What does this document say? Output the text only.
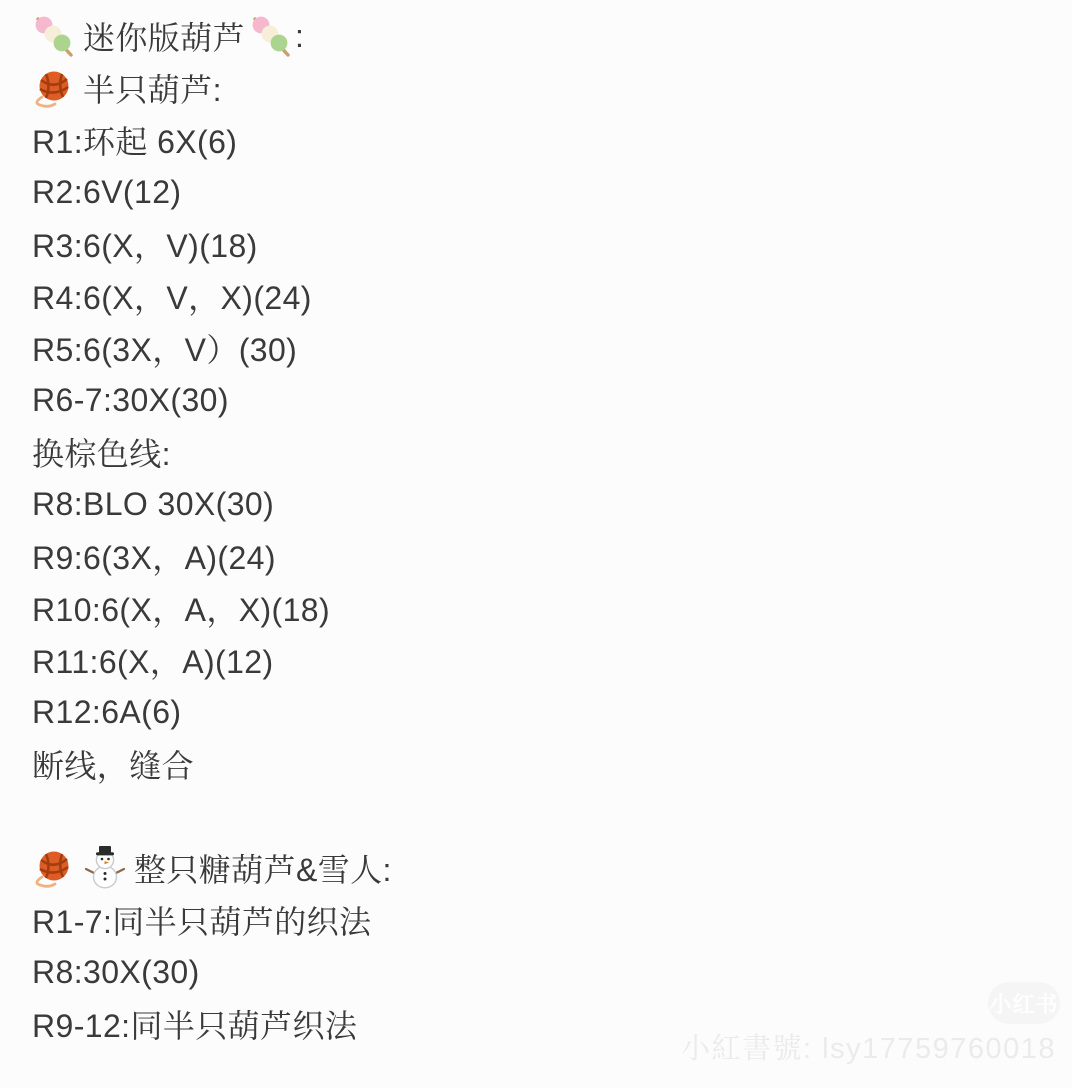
迷你版葫芦 :
半只葫芦:
R1:环起 6X(6)
R2:6V(12)
R3:6(X，V)(18)
R4:6(X，V，X)(24)
R5:6(3X，V）(30)
R6-7:30X(30)
换棕色线:
R8:BLO 30X(30)
R9:6(3X，A)(24)
R10:6(X，A，X)(18)
R11:6(X，A)(12)
R12:6A(6)
断线，缝合
整只糖葫芦&雪人:
R1-7:同半只葫芦的织法
R8:30X(30)
R9-12:同半只葫芦织法
小红书
小紅書號: lsy17759760018
